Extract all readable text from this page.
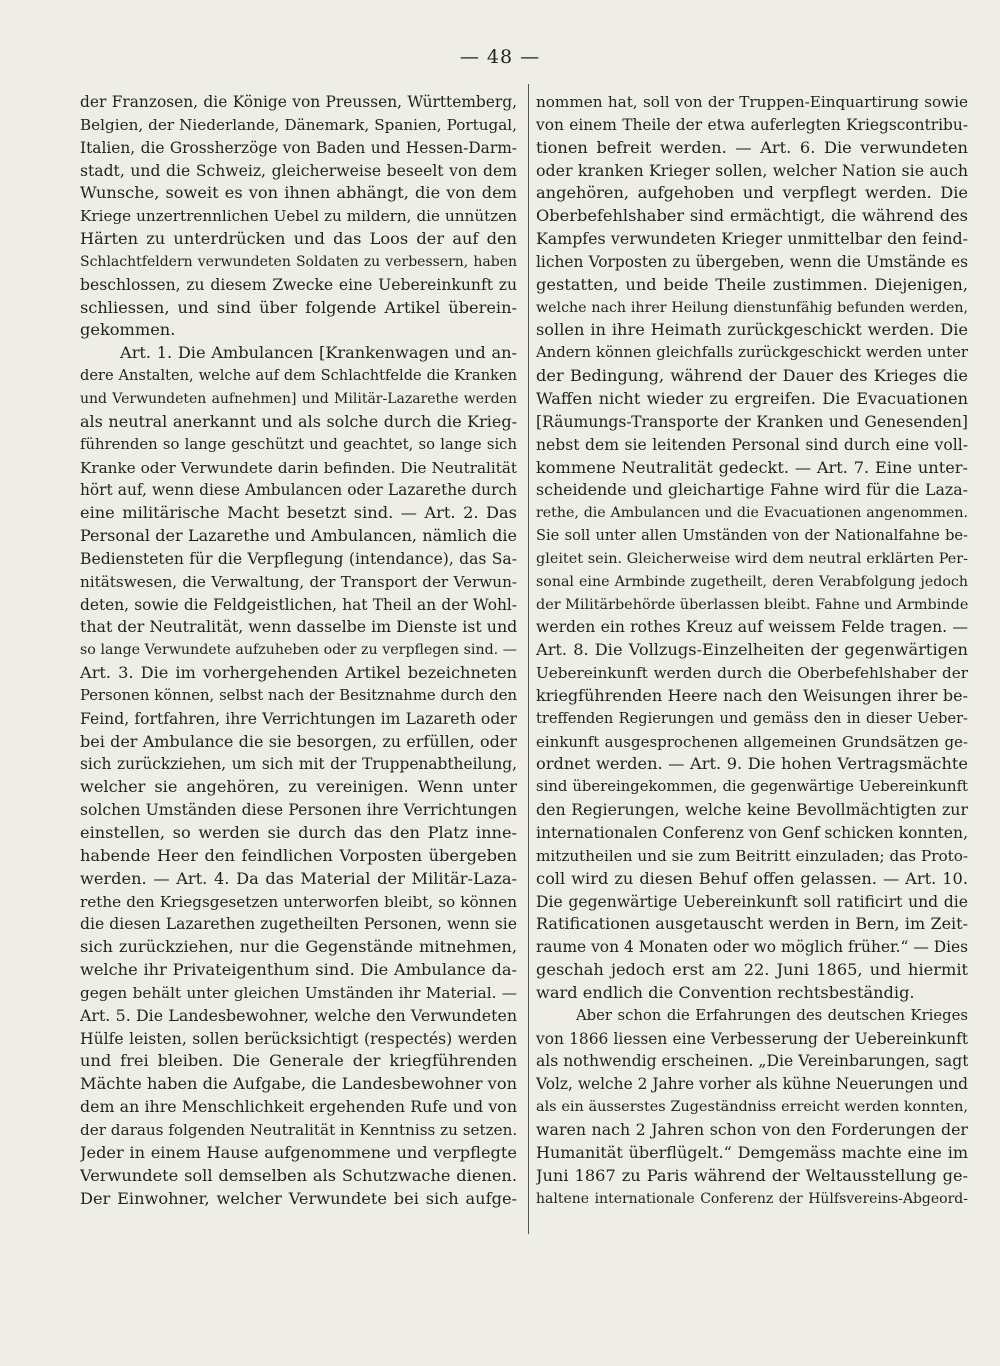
— 48 —
der Franzosen, die Könige von Preussen, Württemberg,
Belgien, der Niederlande, Dänemark, Spanien, Portugal,
Italien, die Grossherzöge von Baden und Hessen-Darm-
stadt, und die Schweiz, gleicherweise beseelt von dem
Wunsche, soweit es von ihnen abhängt, die von dem
Kriege unzertrennlichen Uebel zu mildern, die unnützen
Härten zu unterdrücken und das Loos der auf den
Schlachtfeldern verwundeten Soldaten zu verbessern, haben
beschlossen, zu diesem Zwecke eine Uebereinkunft zu
schliessen, und sind über folgende Artikel überein-
gekommen.
Art. 1. Die Ambulancen [Krankenwagen und an-
dere Anstalten, welche auf dem Schlachtfelde die Kranken
und Verwundeten aufnehmen] und Militär-Lazarethe werden
als neutral anerkannt und als solche durch die Krieg-
führenden so lange geschützt und geachtet, so lange sich
Kranke oder Verwundete darin befinden. Die Neutralität
hört auf, wenn diese Ambulancen oder Lazarethe durch
eine militärische Macht besetzt sind. — Art. 2. Das
Personal der Lazarethe und Ambulancen, nämlich die
Bediensteten für die Verpflegung (intendance), das Sa-
nitätswesen, die Verwaltung, der Transport der Verwun-
deten, sowie die Feldgeistlichen, hat Theil an der Wohl-
that der Neutralität, wenn dasselbe im Dienste ist und
so lange Verwundete aufzuheben oder zu verpflegen sind. —
Art. 3. Die im vorhergehenden Artikel bezeichneten
Personen können, selbst nach der Besitznahme durch den
Feind, fortfahren, ihre Verrichtungen im Lazareth oder
bei der Ambulance die sie besorgen, zu erfüllen, oder
sich zurückziehen, um sich mit der Truppenabtheilung,
welcher sie angehören, zu vereinigen. Wenn unter
solchen Umständen diese Personen ihre Verrichtungen
einstellen, so werden sie durch das den Platz inne-
habende Heer den feindlichen Vorposten übergeben
werden. — Art. 4. Da das Material der Militär-Laza-
rethe den Kriegsgesetzen unterworfen bleibt, so können
die diesen Lazarethen zugetheilten Personen, wenn sie
sich zurückziehen, nur die Gegenstände mitnehmen,
welche ihr Privateigenthum sind. Die Ambulance da-
gegen behält unter gleichen Umständen ihr Material. —
Art. 5. Die Landesbewohner, welche den Verwundeten
Hülfe leisten, sollen berücksichtigt (respectés) werden
und frei bleiben. Die Generale der kriegführenden
Mächte haben die Aufgabe, die Landesbewohner von
dem an ihre Menschlichkeit ergehenden Rufe und von
der daraus folgenden Neutralität in Kenntniss zu setzen.
Jeder in einem Hause aufgenommene und verpflegte
Verwundete soll demselben als Schutzwache dienen.
Der Einwohner, welcher Verwundete bei sich aufge-
nommen hat, soll von der Truppen-Einquartirung sowie
von einem Theile der etwa auferlegten Kriegscontribu-
tionen befreit werden. — Art. 6. Die verwundeten
oder kranken Krieger sollen, welcher Nation sie auch
angehören, aufgehoben und verpflegt werden. Die
Oberbefehlshaber sind ermächtigt, die während des
Kampfes verwundeten Krieger unmittelbar den feind-
lichen Vorposten zu übergeben, wenn die Umstände es
gestatten, und beide Theile zustimmen. Diejenigen,
welche nach ihrer Heilung dienstunfähig befunden werden,
sollen in ihre Heimath zurückgeschickt werden. Die
Andern können gleichfalls zurückgeschickt werden unter
der Bedingung, während der Dauer des Krieges die
Waffen nicht wieder zu ergreifen. Die Evacuationen
[Räumungs-Transporte der Kranken und Genesenden]
nebst dem sie leitenden Personal sind durch eine voll-
kommene Neutralität gedeckt. — Art. 7. Eine unter-
scheidende und gleichartige Fahne wird für die Laza-
rethe, die Ambulancen und die Evacuationen angenommen.
Sie soll unter allen Umständen von der Nationalfahne be-
gleitet sein. Gleicherweise wird dem neutral erklärten Per-
sonal eine Armbinde zugetheilt, deren Verabfolgung jedoch
der Militärbehörde überlassen bleibt. Fahne und Armbinde
werden ein rothes Kreuz auf weissem Felde tragen. —
Art. 8. Die Vollzugs-Einzelheiten der gegenwärtigen
Uebereinkunft werden durch die Oberbefehlshaber der
kriegführenden Heere nach den Weisungen ihrer be-
treffenden Regierungen und gemäss den in dieser Ueber-
einkunft ausgesprochenen allgemeinen Grundsätzen ge-
ordnet werden. — Art. 9. Die hohen Vertragsmächte
sind übereingekommen, die gegenwärtige Uebereinkunft
den Regierungen, welche keine Bevollmächtigten zur
internationalen Conferenz von Genf schicken konnten,
mitzutheilen und sie zum Beitritt einzuladen; das Proto-
coll wird zu diesen Behuf offen gelassen. — Art. 10.
Die gegenwärtige Uebereinkunft soll ratificirt und die
Ratificationen ausgetauscht werden in Bern, im Zeit-
raume von 4 Monaten oder wo möglich früher.“ — Dies
geschah jedoch erst am 22. Juni 1865, und hiermit
ward endlich die Convention rechtsbeständig.
Aber schon die Erfahrungen des deutschen Krieges
von 1866 liessen eine Verbesserung der Uebereinkunft
als nothwendig erscheinen. „Die Vereinbarungen, sagt
Volz, welche 2 Jahre vorher als kühne Neuerungen und
als ein äusserstes Zugeständniss erreicht werden konnten,
waren nach 2 Jahren schon von den Forderungen der
Humanität überflügelt.“ Demgemäss machte eine im
Juni 1867 zu Paris während der Weltausstellung ge-
haltene internationale Conferenz der Hülfsvereins-Abgeord-
